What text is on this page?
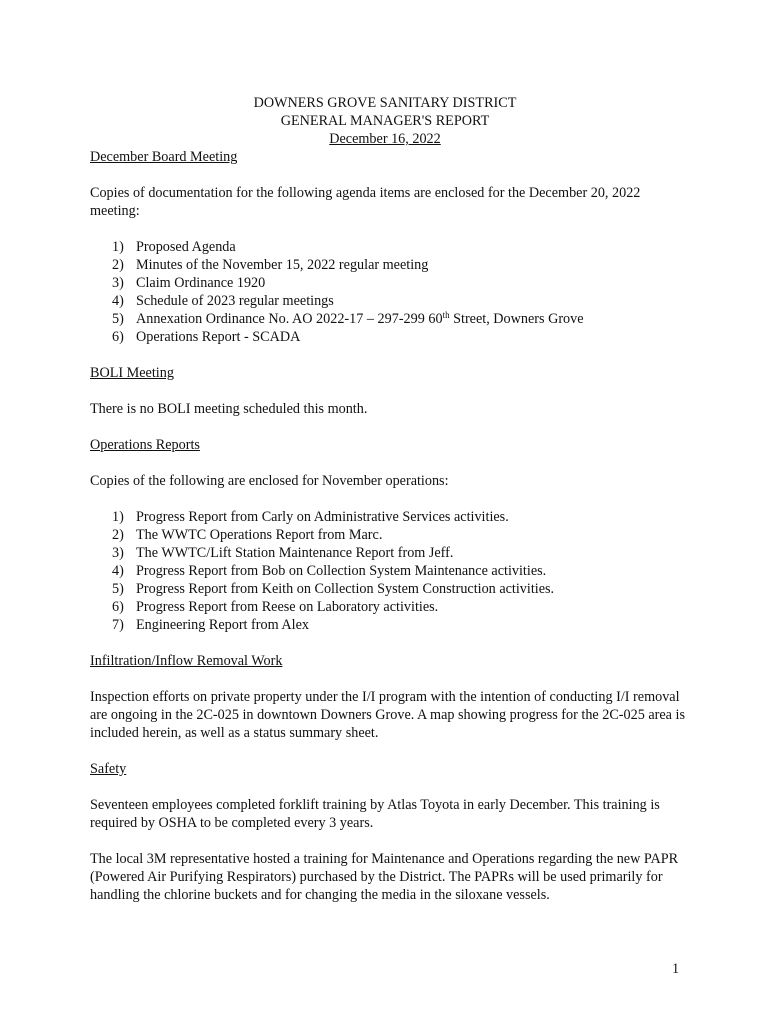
DOWNERS GROVE SANITARY DISTRICT
GENERAL MANAGER'S REPORT
December 16, 2022
December Board Meeting

Copies of documentation for the following agenda items are enclosed for the December 20, 2022 meeting:

1) Proposed Agenda
2) Minutes of the November 15, 2022 regular meeting
3) Claim Ordinance 1920
4) Schedule of 2023 regular meetings
5) Annexation Ordinance No. AO 2022-17 – 297-299 60th Street, Downers Grove
6) Operations Report - SCADA
BOLI Meeting

There is no BOLI meeting scheduled this month.

Operations Reports

Copies of the following are enclosed for November operations:

1) Progress Report from Carly on Administrative Services activities.
2) The WWTC Operations Report from Marc.
3) The WWTC/Lift Station Maintenance Report from Jeff.
4) Progress Report from Bob on Collection System Maintenance activities.
5) Progress Report from Keith on Collection System Construction activities.
6) Progress Report from Reese on Laboratory activities.
7) Engineering Report from Alex
Infiltration/Inflow Removal Work

Inspection efforts on private property under the I/I program with the intention of conducting I/I removal are ongoing in the 2C-025 in downtown Downers Grove. A map showing progress for the 2C-025 area is included herein, as well as a status summary sheet.

Safety

Seventeen employees completed forklift training by Atlas Toyota in early December. This training is required by OSHA to be completed every 3 years.

The local 3M representative hosted a training for Maintenance and Operations regarding the new PAPR (Powered Air Purifying Respirators) purchased by the District. The PAPRs will be used primarily for handling the chlorine buckets and for changing the media in the siloxane vessels.

1
